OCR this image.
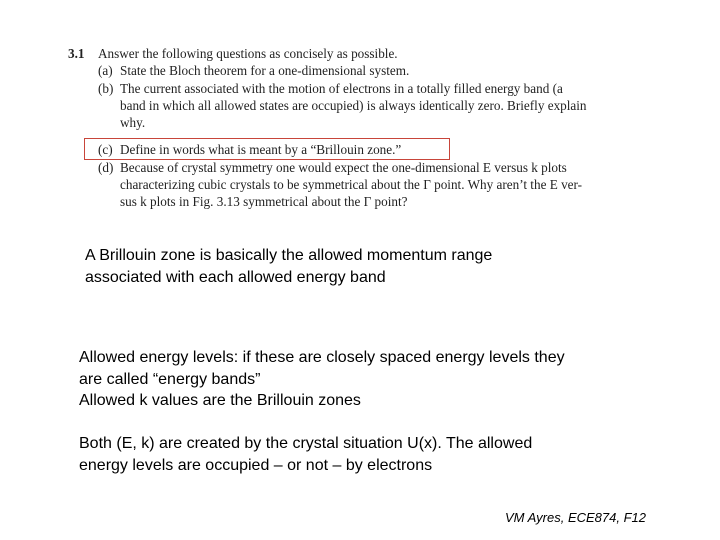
3.1 Answer the following questions as concisely as possible.
(a) State the Bloch theorem for a one-dimensional system.
(b) The current associated with the motion of electrons in a totally filled energy band (a
band in which all allowed states are occupied) is always identically zero. Briefly explain
why.
(c) Define in words what is meant by a “Brillouin zone.”
(d) Because of crystal symmetry one would expect the one-dimensional E versus k plots
characterizing cubic crystals to be symmetrical about the Γ point. Why aren’t the E ver-
sus k plots in Fig. 3.13 symmetrical about the Γ point?

A Brillouin zone is basically the allowed momentum range

associated with each allowed energy band

Allowed energy levels: if these are closely spaced energy levels they

are called “energy bands”

Allowed k values are the Brillouin zones

Both (E, k) are created by the crystal situation U(x). The allowed

energy levels are occupied – or not – by electrons

VM Ayres, ECE874, F12
